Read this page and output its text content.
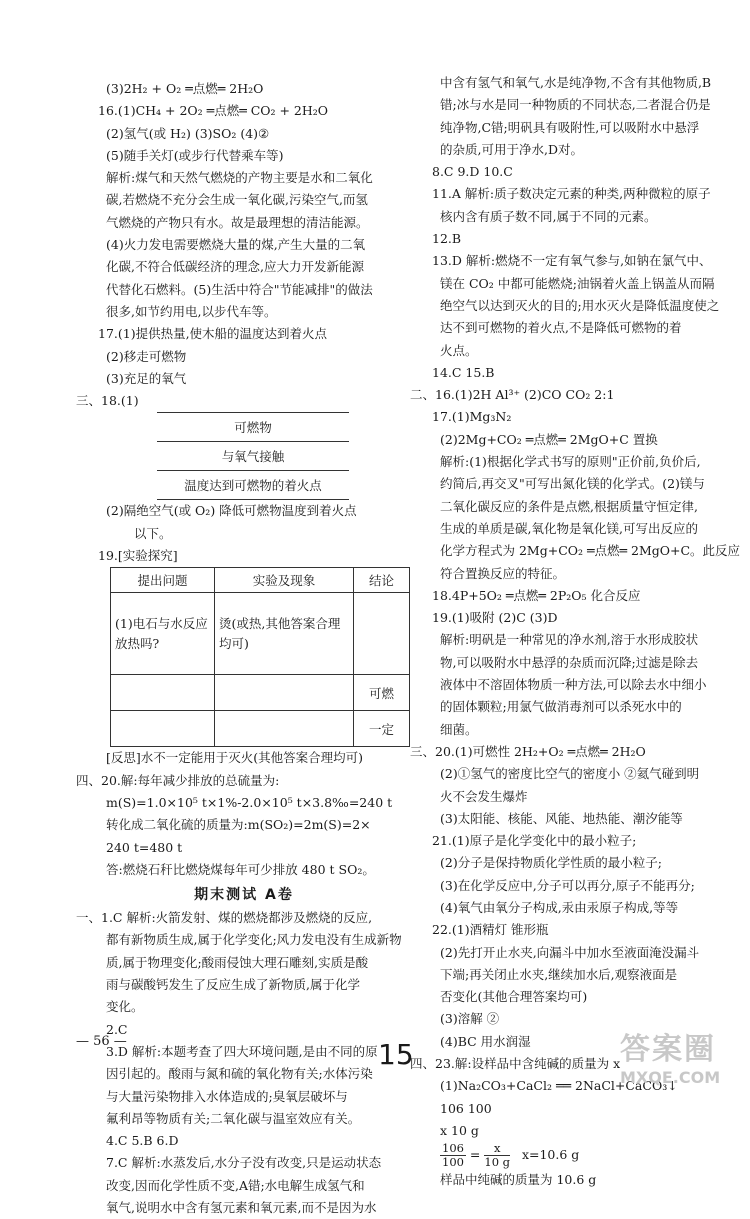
(3)2H₂ + O₂ ═点燃═ 2H₂O
16.(1)CH₄ + 2O₂ ═点燃═ CO₂ + 2H₂O
(2)氢气(或 H₂) (3)SO₂ (4)②
(5)随手关灯(或步行代替乘车等)
解析:煤气和天然气燃烧的产物主要是水和二氧化
碳,若燃烧不充分会生成一氧化碳,污染空气,而氢
气燃烧的产物只有水。故是最理想的清洁能源。
(4)火力发电需要燃烧大量的煤,产生大量的二氧
化碳,不符合低碳经济的理念,应大力开发新能源
代替化石燃料。(5)生活中符合"节能减排"的做法
很多,如节约用电,以步代车等。
17.(1)提供热量,使木船的温度达到着火点
(2)移走可燃物
(3)充足的氧气
三、18.(1)
	可燃物
	与氧气接触
	温度达到可燃物的着火点
(2)隔绝空气(或 O₂) 降低可燃物温度到着火点
以下。
19.[实验探究]
提出问题	实验及现象	结论
(1)电石与水反应放热吗?	烫(或热,其他答案合理均可)	
		可燃
		一定
[反思]水不一定能用于灭火(其他答案合理均可)
四、20.解:每年减少排放的总硫量为:
m(S)=1.0×10⁵ t×1%-2.0×10⁵ t×3.8‰=240 t
转化成二氧化硫的质量为:m(SO₂)=2m(S)=2×
240 t=480 t
答:燃烧石秆比燃烧煤每年可少排放 480 t SO₂。
期末测试 A卷
一、1.C 解析:火箭发射、煤的燃烧都涉及燃烧的反应,
都有新物质生成,属于化学变化;风力发电没有生成新物
质,属于物理变化;酸雨侵蚀大理石雕刻,实质是酸
雨与碳酸钙发生了反应生成了新物质,属于化学
变化。
2.C
3.D 解析:本题考查了四大环境问题,是由不同的原
因引起的。酸雨与氮和硫的氧化物有关;水体污染
与大量污染物排入水体造成的;臭氧层破坏与
氟利昂等物质有关;二氧化碳与温室效应有关。
4.C 5.B 6.D
7.C 解析:水蒸发后,水分子没有改变,只是运动状态
改变,因而化学性质不变,A错;水电解生成氢气和
氧气,说明水中含有氢元素和氧元素,而不是因为水
中含有氢气和氧气,水是纯净物,不含有其他物质,B
错;冰与水是同一种物质的不同状态,二者混合仍是
纯净物,C错;明矾具有吸附性,可以吸附水中悬浮
的杂质,可用于净水,D对。
8.C 9.D 10.C
11.A 解析:质子数决定元素的种类,两种微粒的原子
核内含有质子数不同,属于不同的元素。
12.B
13.D 解析:燃烧不一定有氧气参与,如钠在氯气中、
镁在 CO₂ 中都可能燃烧;油锅着火盖上锅盖从而隔
绝空气以达到灭火的目的;用水灭火是降低温度使之
达不到可燃物的着火点,不是降低可燃物的着
火点。
14.C 15.B
二、16.(1)2H Al³⁺ (2)CO CO₂ 2:1
17.(1)Mg₃N₂
(2)2Mg+CO₂ ═点燃═ 2MgO+C 置换
解析:(1)根据化学式书写的原则"正价前,负价后,
约简后,再交叉"可写出氮化镁的化学式。(2)镁与
二氧化碳反应的条件是点燃,根据质量守恒定律,
生成的单质是碳,氧化物是氧化镁,可写出反应的
化学方程式为 2Mg+CO₂ ═点燃═ 2MgO+C。此反应
符合置换反应的特征。
18.4P+5O₂ ═点燃═ 2P₂O₅ 化合反应
19.(1)吸附 (2)C (3)D
解析:明矾是一种常见的净水剂,溶于水形成胶状
物,可以吸附水中悬浮的杂质而沉降;过滤是除去
液体中不溶固体物质一种方法,可以除去水中细小
的固体颗粒;用氯气做消毒剂可以杀死水中的
细菌。
三、20.(1)可燃性 2H₂+O₂ ═点燃═ 2H₂O
(2)①氢气的密度比空气的密度小 ②氦气碰到明
火不会发生爆炸
(3)太阳能、核能、风能、地热能、潮汐能等
21.(1)原子是化学变化中的最小粒子;
(2)分子是保持物质化学性质的最小粒子;
(3)在化学反应中,分子可以再分,原子不能再分;
(4)氧气由氧分子构成,汞由汞原子构成,等等
22.(1)酒精灯 锥形瓶
(2)先打开止水夹,向漏斗中加水至液面淹没漏斗
下端;再关闭止水夹,继续加水后,观察液面是
否变化(其他合理答案均可)
(3)溶解 ②
(4)BC 用水润湿
四、23.解:设样品中含纯碱的质量为 x
(1)Na₂CO₃+CaCl₂ ══ 2NaCl+CaCO₃↓
106 100
x 10 g
$\frac{106}{100} = \frac{x}{10 g} x=10.6$ g
样品中纯碱的质量为 10.6 g
— 56 —	15	答案圈
MXQE.COM
